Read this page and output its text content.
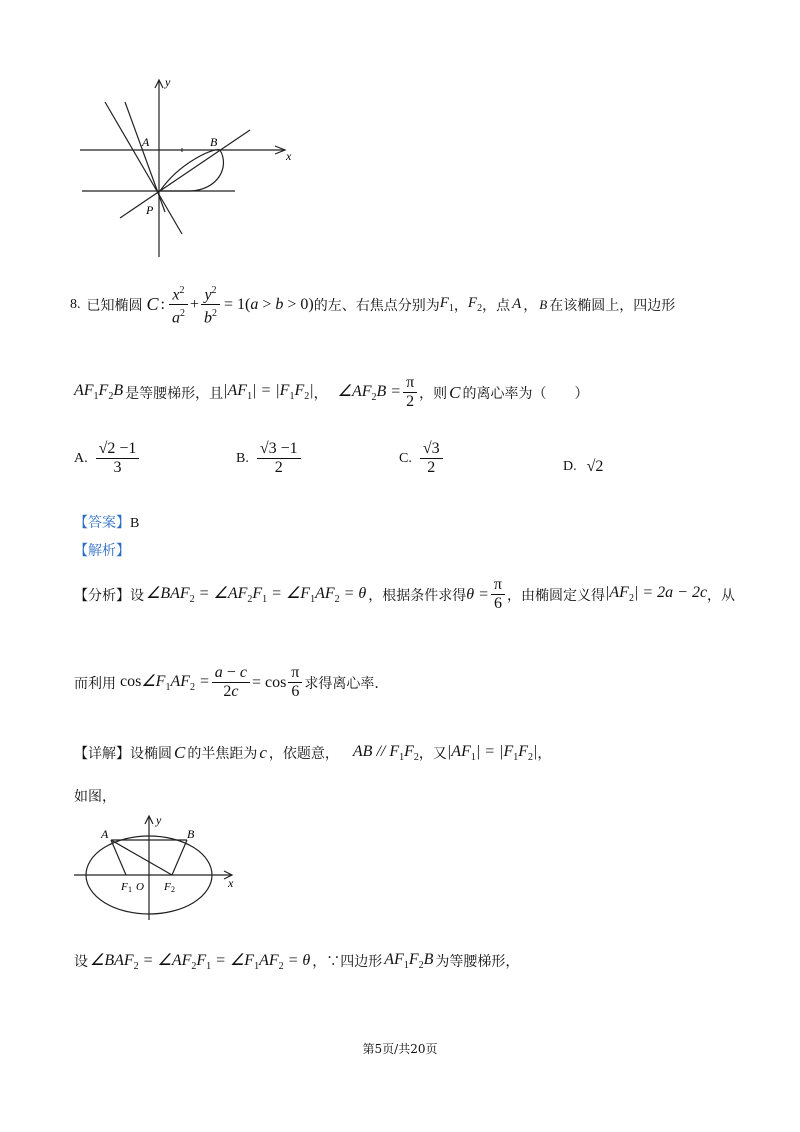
y
x
A	B
P
8. 已知椭圆 C : $\frac{x^2}{a^2} + \frac{y^2}{b^2} = 1(a > b > 0)$ 的左、右焦点分别为 $F_1$ ， $F_2$ ， 点 A ， B 在该椭圆上，四边形
$AF_1F_2B$ 是等腰梯形，且 $|AF_1| = |F_1F_2|$ ， $\angle AF_2B = \frac{\pi}{2}$ ，则 C 的离心率为（　　）
A. $\frac{√2 -1}{3}$	B. $\frac{√3 -1}{2}$	C. $\frac{√3}{2}$	D. √2
【答案】B
【解析】
【分析】 设 $\angle BAF_2$ = $\angle AF_2F_1$ = $\angle F_1AF_2 = \theta$ ，根据条件求得 $\theta = \frac{\pi}{6}$ ，由椭圆定义得 $|AF_2| = 2a - 2c$ ，从
而利用 $\cos\angle F_1AF_2 = \frac{a - c}{2c} = \cos \frac{\pi}{6}$ 求得离心率.
【详解】 设椭圆 C 的半焦距为 c ，依题意， AB // $F_1F_2$ ，又 $|AF_1| = |F_1F_2|$ ，
如图，
y
x
A	B
F 1 O F 2
设 $\angle BAF_2$ = $\angle AF_2F_1$ = $\angle F_1AF_2 = \theta$ ，∵四边形 $AF_1F_2B$ 为等腰梯形，
第5页/共20页
